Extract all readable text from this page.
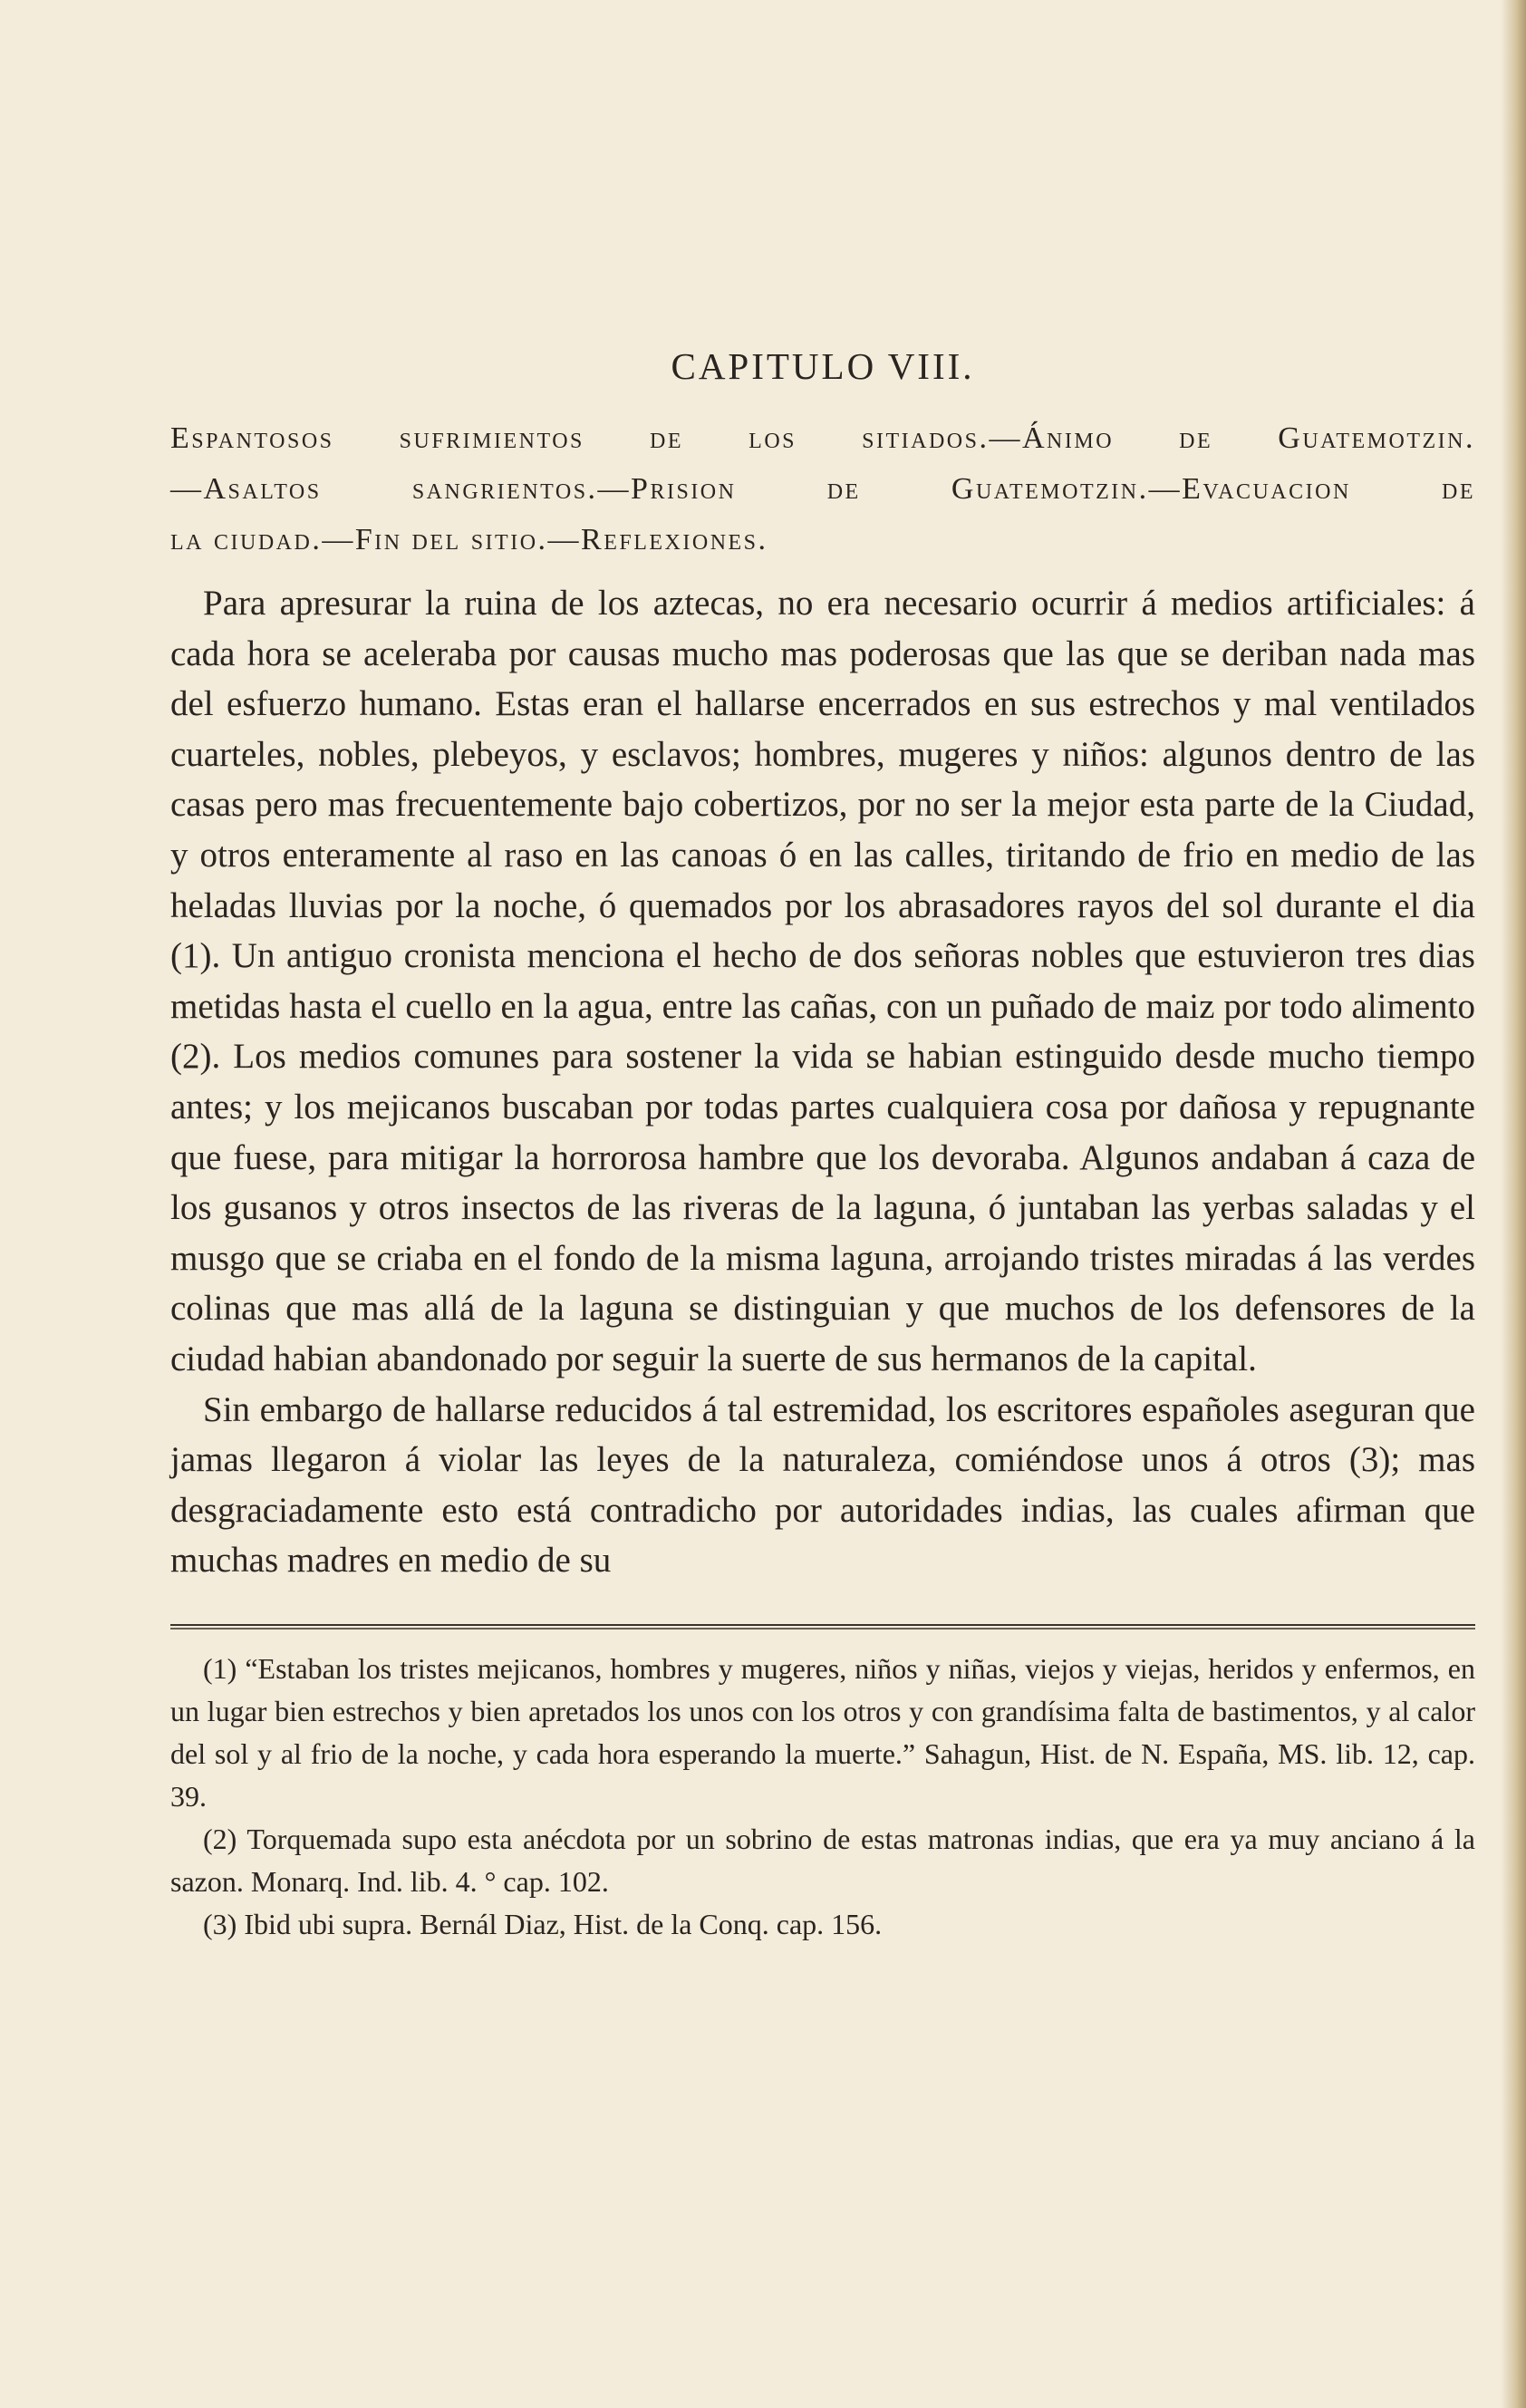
CAPITULO VIII.
Espantosos sufrimientos de los sitiados.—Ánimo de Guatemotzin.
—Asaltos sangrientos.—Prision de Guatemotzin.—Evacuacion de
la ciudad.—Fin del sitio.—Reflexiones.

Para apresurar la ruina de los aztecas, no era necesario ocurrir á medios artificiales: á cada hora se aceleraba por causas mucho mas poderosas que las que se deriban nada mas del esfuerzo humano. Estas eran el hallarse encerrados en sus estrechos y mal ventilados cuarteles, nobles, plebeyos, y esclavos; hombres, mugeres y niños: algunos dentro de las casas pero mas frecuentemente bajo cobertizos, por no ser la mejor esta parte de la Ciudad, y otros enteramente al raso en las canoas ó en las calles, tiritando de frio en medio de las heladas lluvias por la noche, ó quemados por los abrasadores rayos del sol durante el dia (1). Un antiguo cronista menciona el hecho de dos señoras nobles que estuvieron tres dias metidas hasta el cuello en la agua, entre las cañas, con un puñado de maiz por todo alimento (2). Los medios comunes para sostener la vida se habian estinguido desde mucho tiempo antes; y los mejicanos buscaban por todas partes cualquiera cosa por dañosa y repugnante que fuese, para mitigar la horrorosa hambre que los devoraba. Algunos andaban á caza de los gusanos y otros insectos de las riveras de la laguna, ó juntaban las yerbas saladas y el musgo que se criaba en el fondo de la misma laguna, arrojando tristes miradas á las verdes colinas que mas allá de la laguna se distinguian y que muchos de los defensores de la ciudad habian abandonado por seguir la suerte de sus hermanos de la capital.

Sin embargo de hallarse reducidos á tal estremidad, los escritores españoles aseguran que jamas llegaron á violar las leyes de la naturaleza, comiéndose unos á otros (3); mas desgraciadamente esto está contradicho por autoridades indias, las cuales afirman que muchas madres en medio de su

(1) “Estaban los tristes mejicanos, hombres y mugeres, niños y niñas, viejos y viejas, heridos y enfermos, en un lugar bien estrechos y bien apretados los unos con los otros y con grandísima falta de bastimentos, y al calor del sol y al frio de la noche, y cada hora esperando la muerte.” Sahagun, Hist. de N. España, MS. lib. 12, cap. 39.

(2) Torquemada supo esta anécdota por un sobrino de estas matronas indias, que era ya muy anciano á la sazon. Monarq. Ind. lib. 4. ° cap. 102.

(3) Ibid ubi supra. Bernál Diaz, Hist. de la Conq. cap. 156.
